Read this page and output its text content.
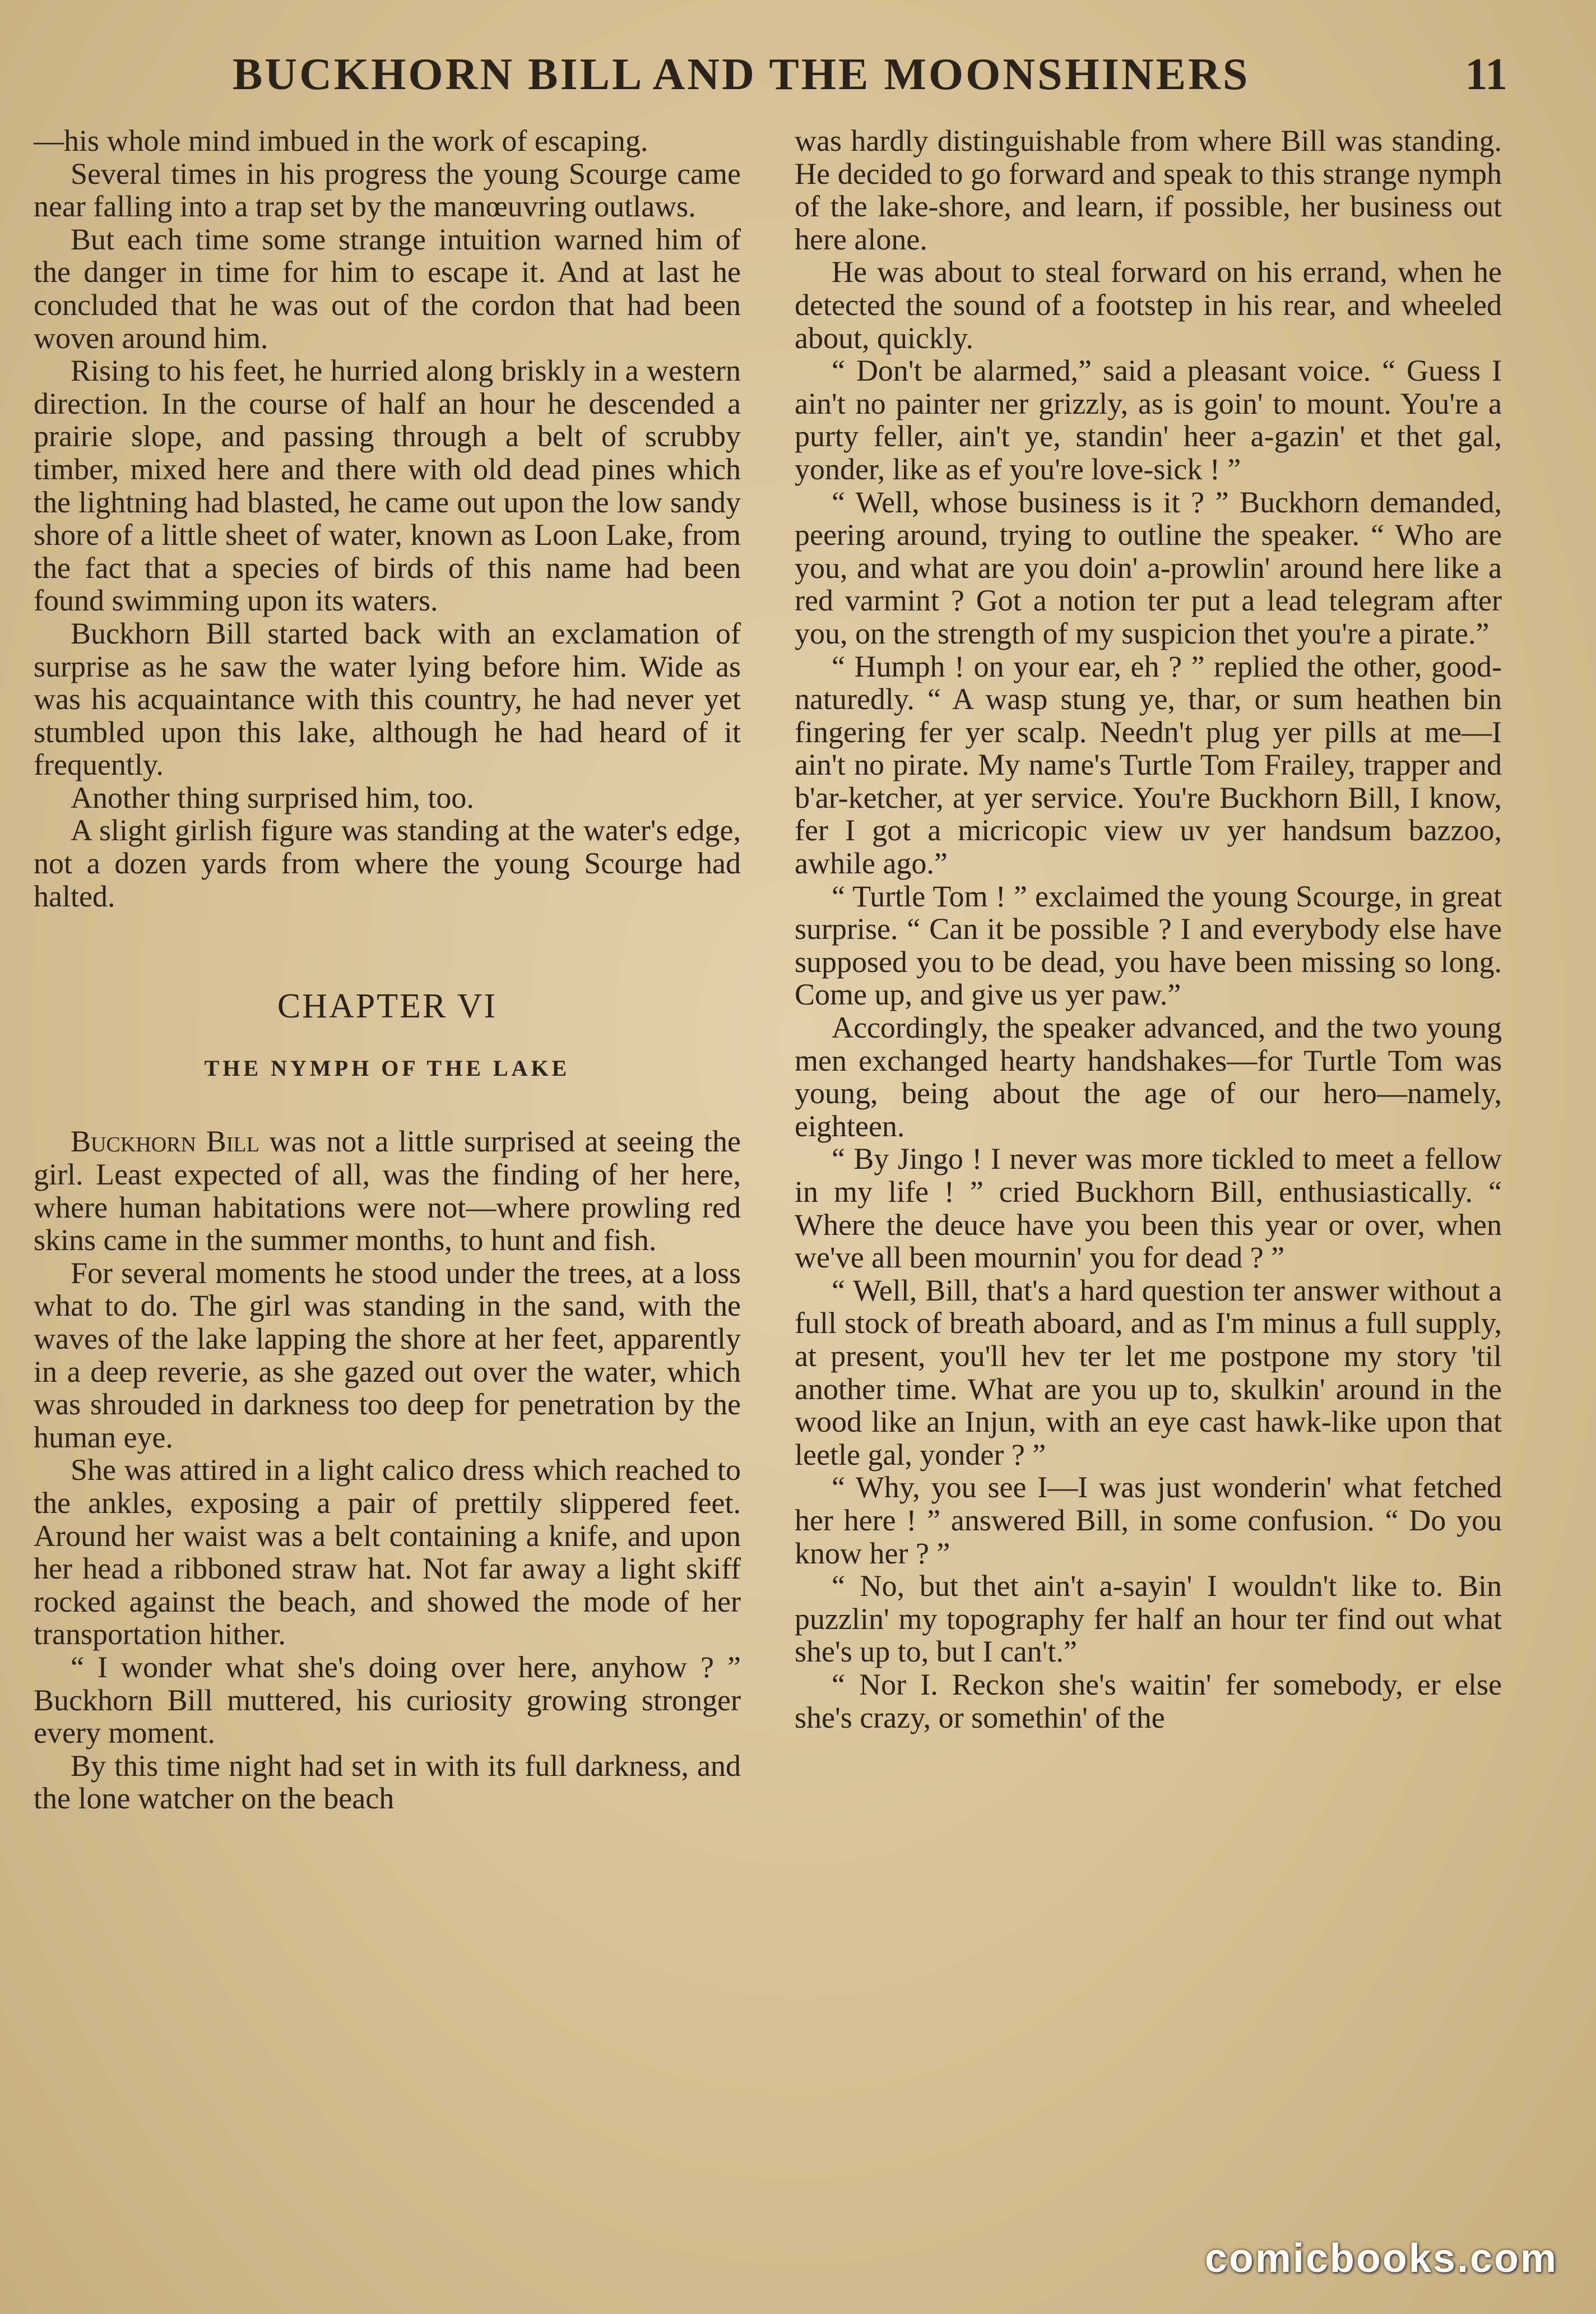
BUCKHORN BILL AND THE MOONSHINERS	11

—his whole mind imbued in the work of escaping.

Several times in his progress the young Scourge came near falling into a trap set by the manœuvring outlaws.

But each time some strange intuition warned him of the danger in time for him to escape it. And at last he concluded that he was out of the cordon that had been woven around him.

Rising to his feet, he hurried along briskly in a western direction. In the course of half an hour he descended a prairie slope, and passing through a belt of scrubby timber, mixed here and there with old dead pines which the lightning had blasted, he came out upon the low sandy shore of a little sheet of water, known as Loon Lake, from the fact that a species of birds of this name had been found swimming upon its waters.

Buckhorn Bill started back with an exclamation of surprise as he saw the water lying before him. Wide as was his acquaintance with this country, he had never yet stumbled upon this lake, although he had heard of it frequently.

Another thing surprised him, too.

A slight girlish figure was standing at the water's edge, not a dozen yards from where the young Scourge had halted.

CHAPTER VI
THE NYMPH OF THE LAKE

Buckhorn Bill was not a little surprised at seeing the girl. Least expected of all, was the finding of her here, where human habitations were not—where prowling red skins came in the summer months, to hunt and fish.

For several moments he stood under the trees, at a loss what to do. The girl was standing in the sand, with the waves of the lake lapping the shore at her feet, apparently in a deep reverie, as she gazed out over the water, which was shrouded in darkness too deep for penetration by the human eye.

She was attired in a light calico dress which reached to the ankles, exposing a pair of prettily slippered feet. Around her waist was a belt containing a knife, and upon her head a ribboned straw hat. Not far away a light skiff rocked against the beach, and showed the mode of her transportation hither.

“ I wonder what she's doing over here, anyhow ? ” Buckhorn Bill muttered, his curiosity growing stronger every moment.

By this time night had set in with its full darkness, and the lone watcher on the beach

was hardly distinguishable from where Bill was standing. He decided to go forward and speak to this strange nymph of the lake-shore, and learn, if possible, her business out here alone.

He was about to steal forward on his errand, when he detected the sound of a footstep in his rear, and wheeled about, quickly.

“ Don't be alarmed,” said a pleasant voice. “ Guess I ain't no painter ner grizzly, as is goin' to mount. You're a purty feller, ain't ye, standin' heer a-gazin' et thet gal, yonder, like as ef you're love-sick ! ”

“ Well, whose business is it ? ” Buckhorn demanded, peering around, trying to outline the speaker. “ Who are you, and what are you doin' a-prowlin' around here like a red varmint ? Got a notion ter put a lead telegram after you, on the strength of my suspicion thet you're a pirate.”

“ Humph ! on your ear, eh ? ” replied the other, good-naturedly. “ A wasp stung ye, thar, or sum heathen bin fingering fer yer scalp. Needn't plug yer pills at me—I ain't no pirate. My name's Turtle Tom Frailey, trapper and b'ar-ketcher, at yer service. You're Buckhorn Bill, I know, fer I got a micricopic view uv yer handsum bazzoo, awhile ago.”

“ Turtle Tom ! ” exclaimed the young Scourge, in great surprise. “ Can it be possible ? I and everybody else have supposed you to be dead, you have been missing so long. Come up, and give us yer paw.”

Accordingly, the speaker advanced, and the two young men exchanged hearty handshakes—for Turtle Tom was young, being about the age of our hero—namely, eighteen.

“ By Jingo ! I never was more tickled to meet a fellow in my life ! ” cried Buckhorn Bill, enthusiastically. “ Where the deuce have you been this year or over, when we've all been mournin' you for dead ? ”

“ Well, Bill, that's a hard question ter answer without a full stock of breath aboard, and as I'm minus a full supply, at present, you'll hev ter let me postpone my story 'til another time. What are you up to, skulkin' around in the wood like an Injun, with an eye cast hawk-like upon that leetle gal, yonder ? ”

“ Why, you see I—I was just wonderin' what fetched her here ! ” answered Bill, in some confusion. “ Do you know her ? ”

“ No, but thet ain't a-sayin' I wouldn't like to. Bin puzzlin' my topography fer half an hour ter find out what she's up to, but I can't.”

“ Nor I. Reckon she's waitin' fer somebody, er else she's crazy, or somethin' of the

comicbooks.com
